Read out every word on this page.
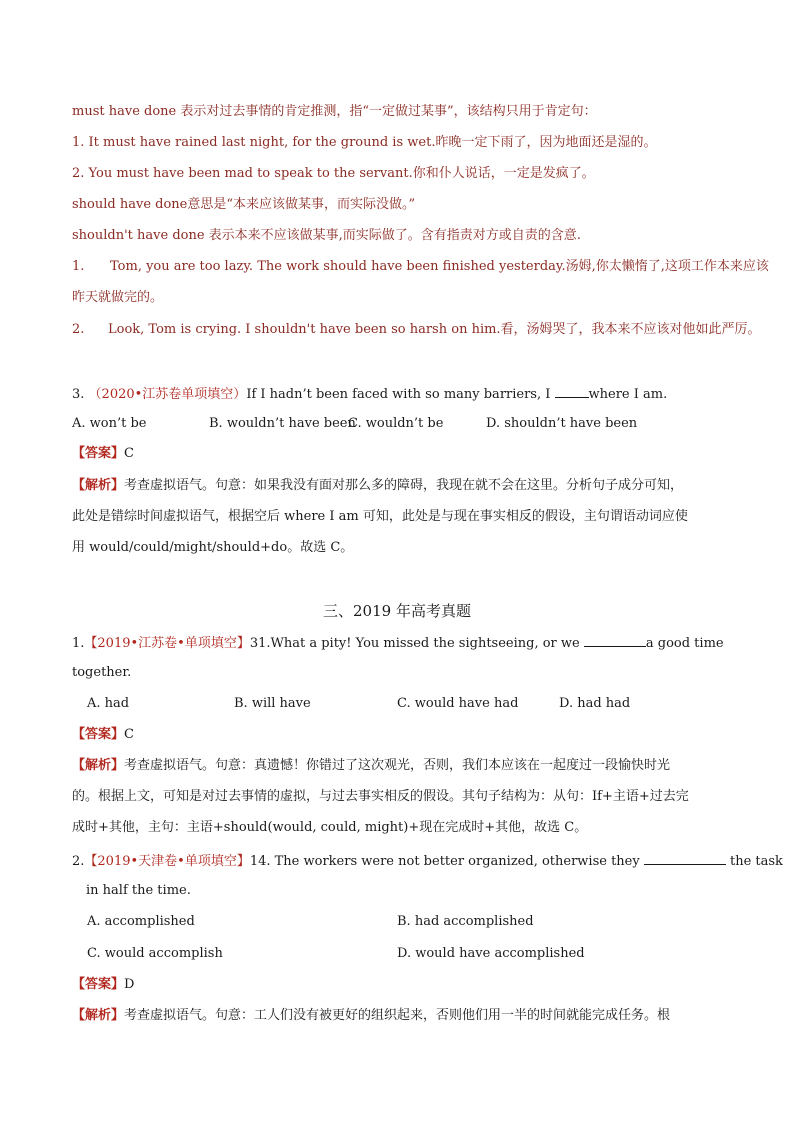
must have done 表示对过去事情的肯定推测，指“一定做过某事”，该结构只用于肯定句：
1. It must have rained last night, for the ground is wet.昨晚一定下雨了，因为地面还是湿的。
2. You must have been mad to speak to the servant.你和仆人说话，一定是发疯了。
should have done意思是“本来应该做某事，而实际没做。”
shouldn't have done 表示本来不应该做某事,而实际做了。含有指责对方或自责的含意.
1. Tom, you are too lazy. The work should have been finished yesterday.汤姆,你太懒惰了,这项工作本来应该
昨天就做完的。
2. Look, Tom is crying. I shouldn't have been so harsh on him.看，汤姆哭了，我本来不应该对他如此严厉。
3. （2020•江苏卷单项填空）If I hadn’t been faced with so many barriers, I	where I am.
A. won’t be	B. wouldn’t have been
C. wouldn’t be	D. shouldn’t have been
【答案】C
【解析】考查虚拟语气。句意：如果我没有面对那么多的障碍，我现在就不会在这里。分析句子成分可知，
此处是错综时间虚拟语气，根据空后 where I am 可知，此处是与现在事实相反的假设，主句谓语动词应使
用 would/could/might/should+do。故选 C。
三、2019 年高考真题
1.【2019•江苏卷•单项填空】31.What a pity! You missed the sightseeing, or we	a good time
together.
A. had	B. will have	C. would have had	D. had had
【答案】C
【解析】考查虚拟语气。句意：真遗憾！你错过了这次观光，否则，我们本应该在一起度过一段愉快时光
的。根据上文，可知是对过去事情的虚拟，与过去事实相反的假设。其句子结构为：从句：If+主语+过去完
成时+其他，主句：主语+should(would, could, might)+现在完成时+其他，故选 C。
2.【2019•天津卷•单项填空】14. The workers were not better organized, otherwise they	the task
in half the time.
A. accomplished	B. had accomplished
C. would accomplish	D. would have accomplished
【答案】D
【解析】考查虚拟语气。句意：工人们没有被更好的组织起来，否则他们用一半的时间就能完成任务。根
